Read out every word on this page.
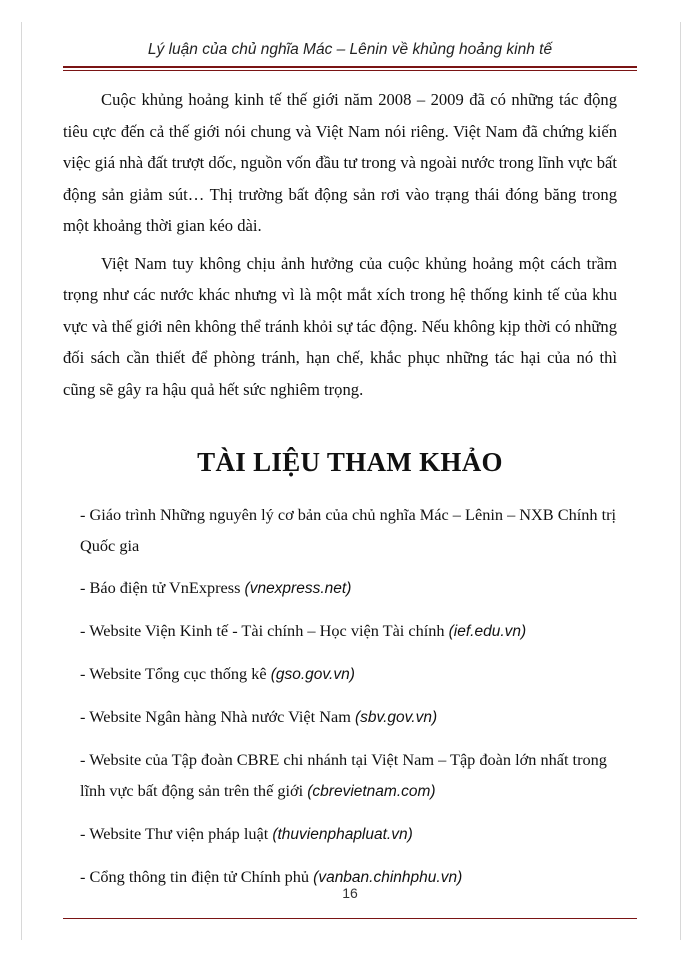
Lý luận của chủ nghĩa Mác – Lênin về khủng hoảng kinh tế

Cuộc khủng hoảng kinh tế thế giới năm 2008 – 2009 đã có những tác động tiêu cực đến cả thế giới nói chung và Việt Nam nói riêng. Việt Nam đã chứng kiến việc giá nhà đất trượt dốc, nguồn vốn đầu tư trong và ngoài nước trong lĩnh vực bất động sản giảm sút… Thị trường bất động sản rơi vào trạng thái đóng băng trong một khoảng thời gian kéo dài.

Việt Nam tuy không chịu ảnh hưởng của cuộc khủng hoảng một cách trầm trọng như các nước khác nhưng vì là một mắt xích trong hệ thống kinh tế của khu vực và thế giới nên không thể tránh khỏi sự tác động. Nếu không kịp thời có những đối sách cần thiết để phòng tránh, hạn chế, khắc phục những tác hại của nó thì cũng sẽ gây ra hậu quả hết sức nghiêm trọng.

TÀI LIỆU THAM KHẢO

- Giáo trình Những nguyên lý cơ bản của chủ nghĩa Mác – Lênin – NXB Chính trị Quốc gia

- Báo điện tử VnExpress (vnexpress.net)

- Website Viện Kinh tế - Tài chính – Học viện Tài chính (ief.edu.vn)

- Website Tổng cục thống kê (gso.gov.vn)

- Website Ngân hàng Nhà nước Việt Nam (sbv.gov.vn)

- Website của Tập đoàn CBRE chi nhánh tại Việt Nam – Tập đoàn lớn nhất trong lĩnh vực bất động sản trên thế giới (cbrevietnam.com)

- Website Thư viện pháp luật (thuvienphapluat.vn)

- Cổng thông tin điện tử Chính phủ (vanban.chinhphu.vn)

16
